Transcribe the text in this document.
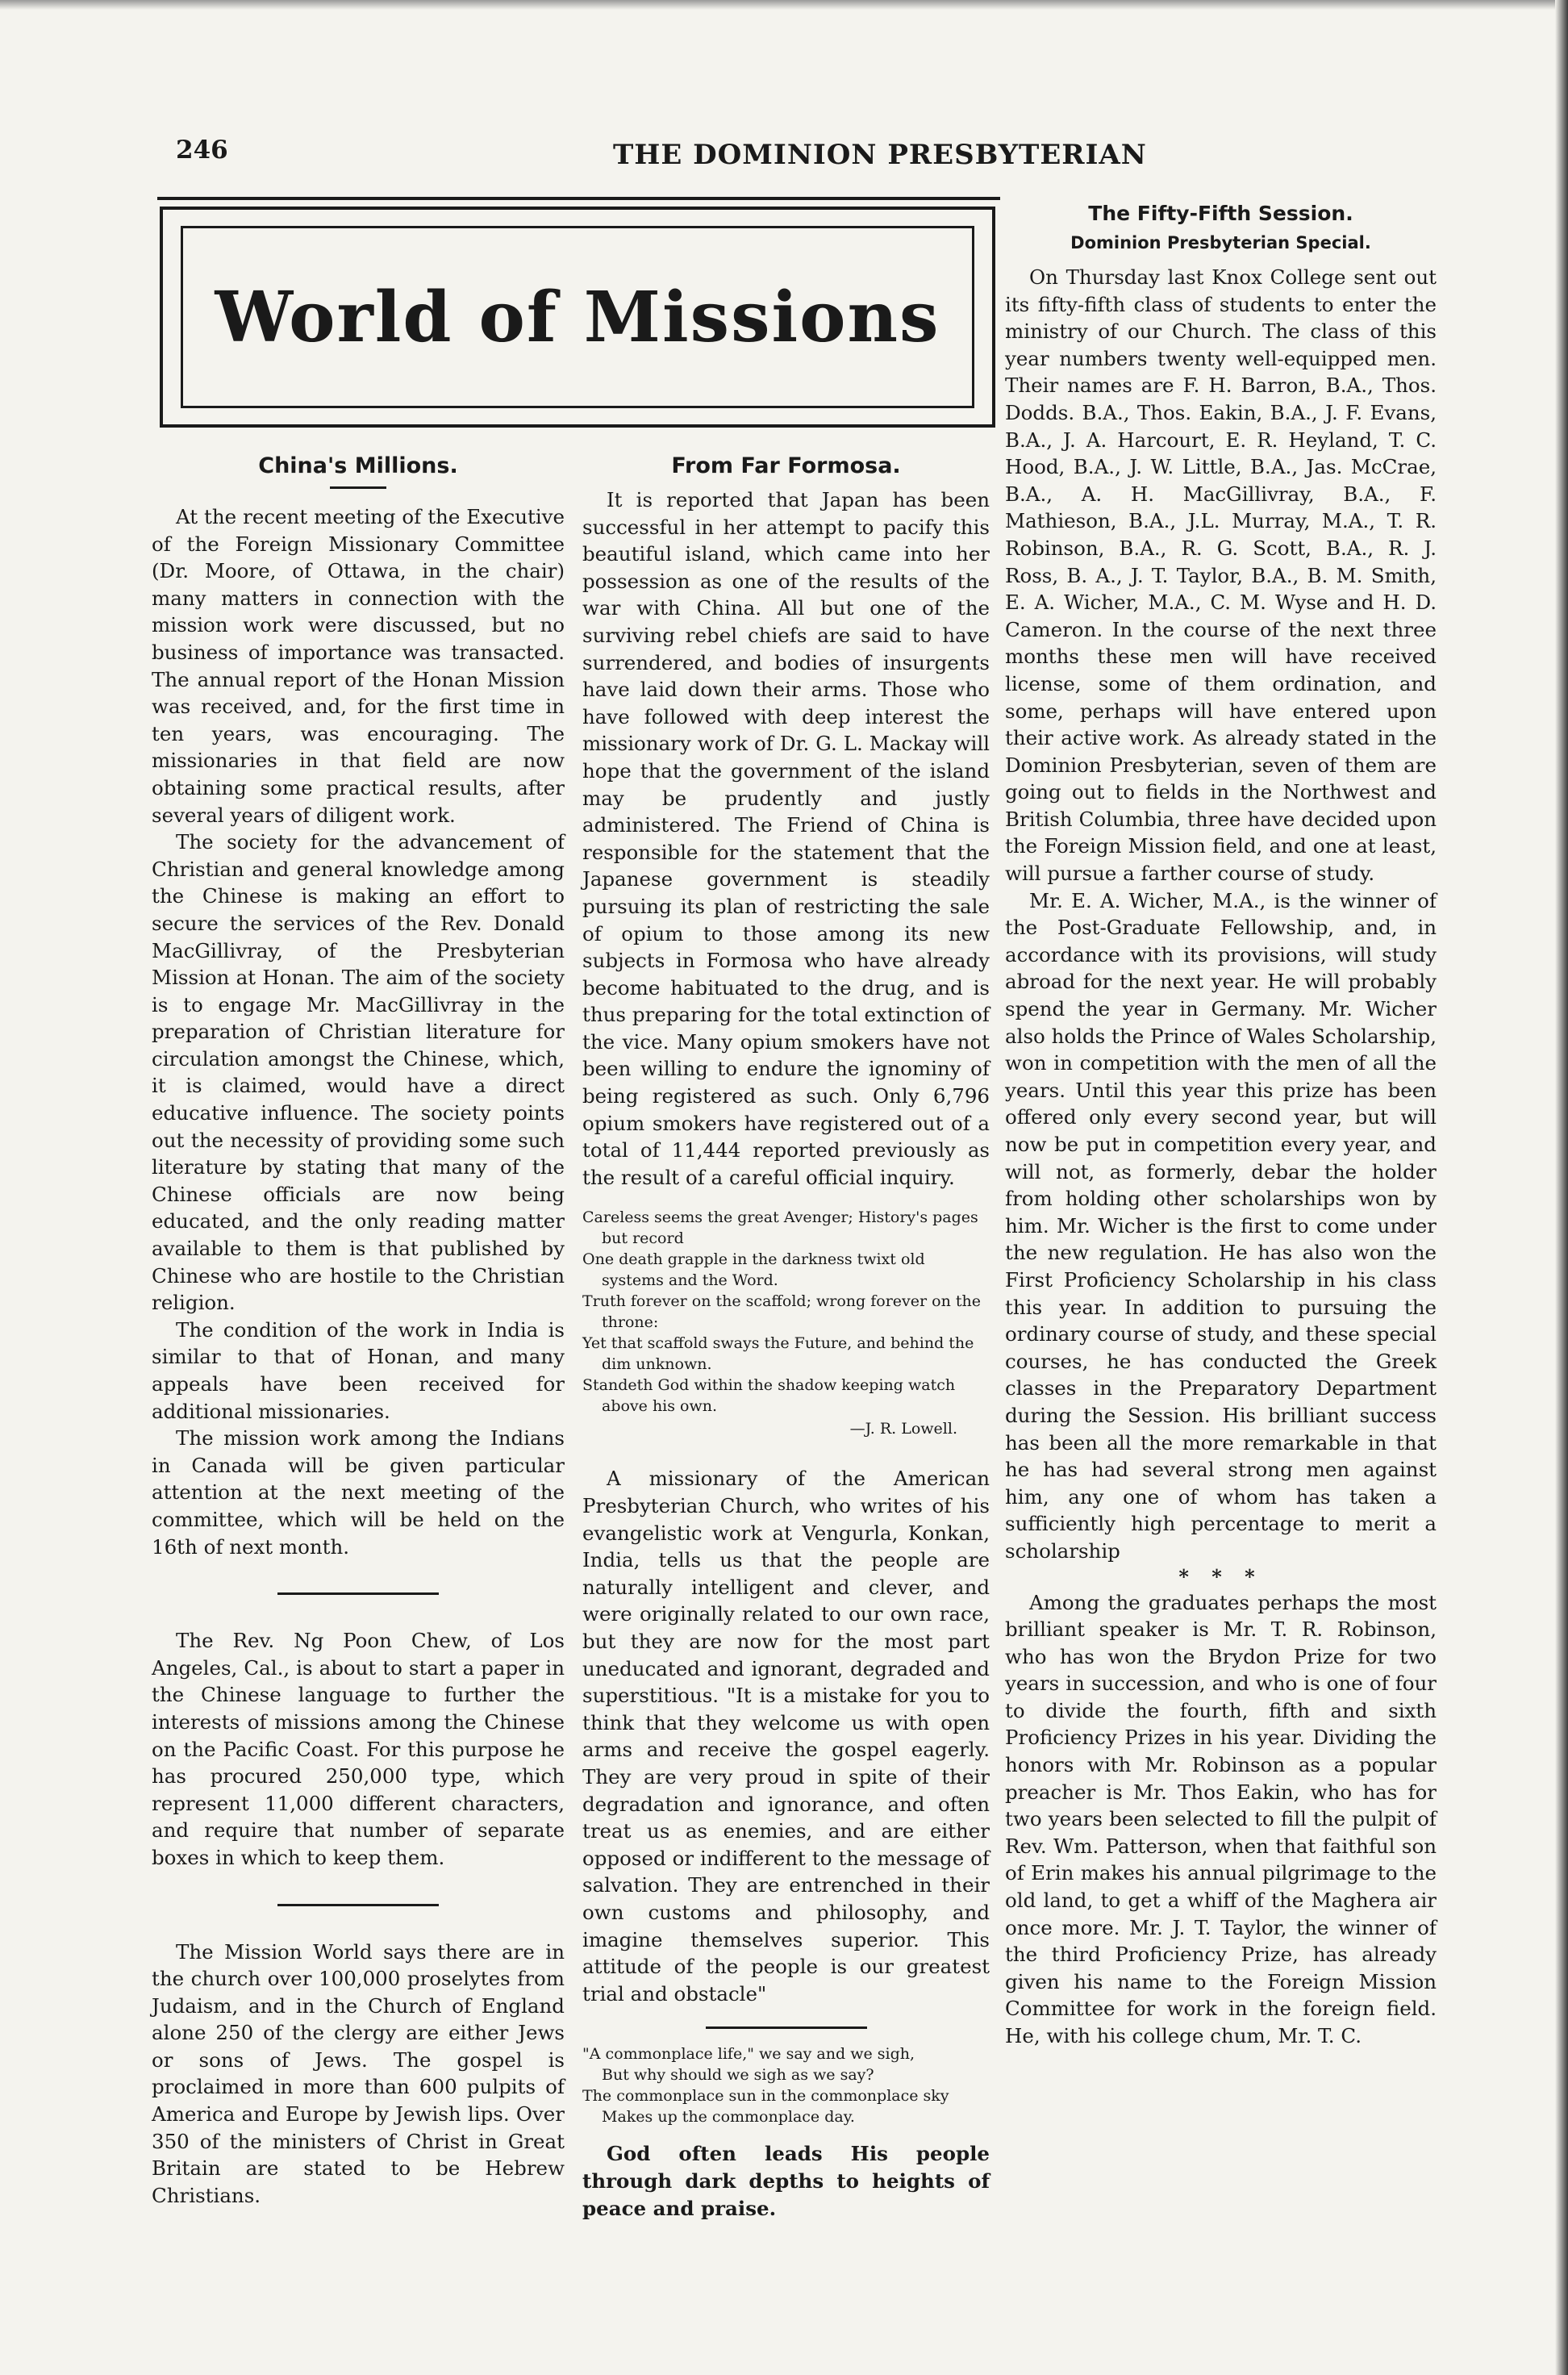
246	THE DOMINION PRESBYTERIAN
World of Missions
China's Millions.

At the recent meeting of the Executive of the Foreign Missionary Committee (Dr. Moore, of Ottawa, in the chair) many matters in connection with the mission work were discussed, but no business of importance was transacted. The annual report of the Honan Mission was received, and, for the first time in ten years, was encouraging. The missionaries in that field are now obtaining some practical results, after several years of diligent work.

The society for the advancement of Christian and general knowledge among the Chinese is making an effort to secure the services of the Rev. Donald MacGillivray, of the Presbyterian Mission at Honan. The aim of the society is to engage Mr. MacGillivray in the preparation of Christian literature for circulation amongst the Chinese, which, it is claimed, would have a direct educative influence. The society points out the necessity of providing some such literature by stating that many of the Chinese officials are now being educated, and the only reading matter available to them is that published by Chinese who are hostile to the Christian religion.

The condition of the work in India is similar to that of Honan, and many appeals have been received for additional missionaries.

The mission work among the Indians in Canada will be given particular attention at the next meeting of the committee, which will be held on the 16th of next month.

The Rev. Ng Poon Chew, of Los Angeles, Cal., is about to start a paper in the Chinese language to further the interests of missions among the Chinese on the Pacific Coast. For this purpose he has procured 250,000 type, which represent 11,000 different characters, and require that number of separate boxes in which to keep them.

The Mission World says there are in the church over 100,000 proselytes from Judaism, and in the Church of England alone 250 of the clergy are either Jews or sons of Jews. The gospel is proclaimed in more than 600 pulpits of America and Europe by Jewish lips. Over 350 of the ministers of Christ in Great Britain are stated to be Hebrew Christians.

From Far Formosa.

It is reported that Japan has been successful in her attempt to pacify this beautiful island, which came into her possession as one of the results of the war with China. All but one of the surviving rebel chiefs are said to have surrendered, and bodies of insurgents have laid down their arms. Those who have followed with deep interest the missionary work of Dr. G. L. Mackay will hope that the government of the island may be prudently and justly administered. The Friend of China is responsible for the statement that the Japanese government is steadily pursuing its plan of restricting the sale of opium to those among its new subjects in Formosa who have already become habituated to the drug, and is thus preparing for the total extinction of the vice. Many opium smokers have not been willing to endure the ignominy of being registered as such. Only 6,796 opium smokers have registered out of a total of 11,444 reported previously as the result of a careful official inquiry.

Careless seems the great Avenger; History's pages but record
One death grapple in the darkness twixt old systems and the Word.
Truth forever on the scaffold; wrong forever on the throne:
Yet that scaffold sways the Future, and behind the dim unknown.
Standeth God within the shadow keeping watch above his own.
—J. R. Lowell.

A missionary of the American Presbyterian Church, who writes of his evangelistic work at Vengurla, Konkan, India, tells us that the people are naturally intelligent and clever, and were originally related to our own race, but they are now for the most part uneducated and ignorant, degraded and superstitious. "It is a mistake for you to think that they welcome us with open arms and receive the gospel eagerly. They are very proud in spite of their degradation and ignorance, and often treat us as enemies, and are either opposed or indifferent to the message of salvation. They are entrenched in their own customs and philosophy, and imagine themselves superior. This attitude of the people is our greatest trial and obstacle"

"A commonplace life," we say and we sigh,
But why should we sigh as we say?
The commonplace sun in the commonplace sky
Makes up the commonplace day.

God often leads His people through dark depths to heights of peace and praise.

The Fifty-Fifth Session.
Dominion Presbyterian Special.

On Thursday last Knox College sent out its fifty-fifth class of students to enter the ministry of our Church. The class of this year numbers twenty well-equipped men. Their names are F. H. Barron, B.A., Thos. Dodds. B.A., Thos. Eakin, B.A., J. F. Evans, B.A., J. A. Harcourt, E. R. Heyland, T. C. Hood, B.A., J. W. Little, B.A., Jas. McCrae, B.A., A. H. MacGillivray, B.A., F. Mathieson, B.A., J.L. Murray, M.A., T. R. Robinson, B.A., R. G. Scott, B.A., R. J. Ross, B. A., J. T. Taylor, B.A., B. M. Smith, E. A. Wicher, M.A., C. M. Wyse and H. D. Cameron. In the course of the next three months these men will have received license, some of them ordination, and some, perhaps will have entered upon their active work. As already stated in the Dominion Presbyterian, seven of them are going out to fields in the Northwest and British Columbia, three have decided upon the Foreign Mission field, and one at least, will pursue a farther course of study.

Mr. E. A. Wicher, M.A., is the winner of the Post-Graduate Fellowship, and, in accordance with its provisions, will study abroad for the next year. He will probably spend the year in Germany. Mr. Wicher also holds the Prince of Wales Scholarship, won in competition with the men of all the years. Until this year this prize has been offered only every second year, but will now be put in competition every year, and will not, as formerly, debar the holder from holding other scholarships won by him. Mr. Wicher is the first to come under the new regulation. He has also won the First Proficiency Scholarship in his class this year. In addition to pursuing the ordinary course of study, and these special courses, he has conducted the Greek classes in the Preparatory Department during the Session. His brilliant success has been all the more remarkable in that he has had several strong men against him, any one of whom has taken a sufficiently high percentage to merit a scholarship

* * *

Among the graduates perhaps the most brilliant speaker is Mr. T. R. Robinson, who has won the Brydon Prize for two years in succession, and who is one of four to divide the fourth, fifth and sixth Proficiency Prizes in his year. Dividing the honors with Mr. Robinson as a popular preacher is Mr. Thos Eakin, who has for two years been selected to fill the pulpit of Rev. Wm. Patterson, when that faithful son of Erin makes his annual pilgrimage to the old land, to get a whiff of the Maghera air once more. Mr. J. T. Taylor, the winner of the third Proficiency Prize, has already given his name to the Foreign Mission Committee for work in the foreign field. He, with his college chum, Mr. T. C.
